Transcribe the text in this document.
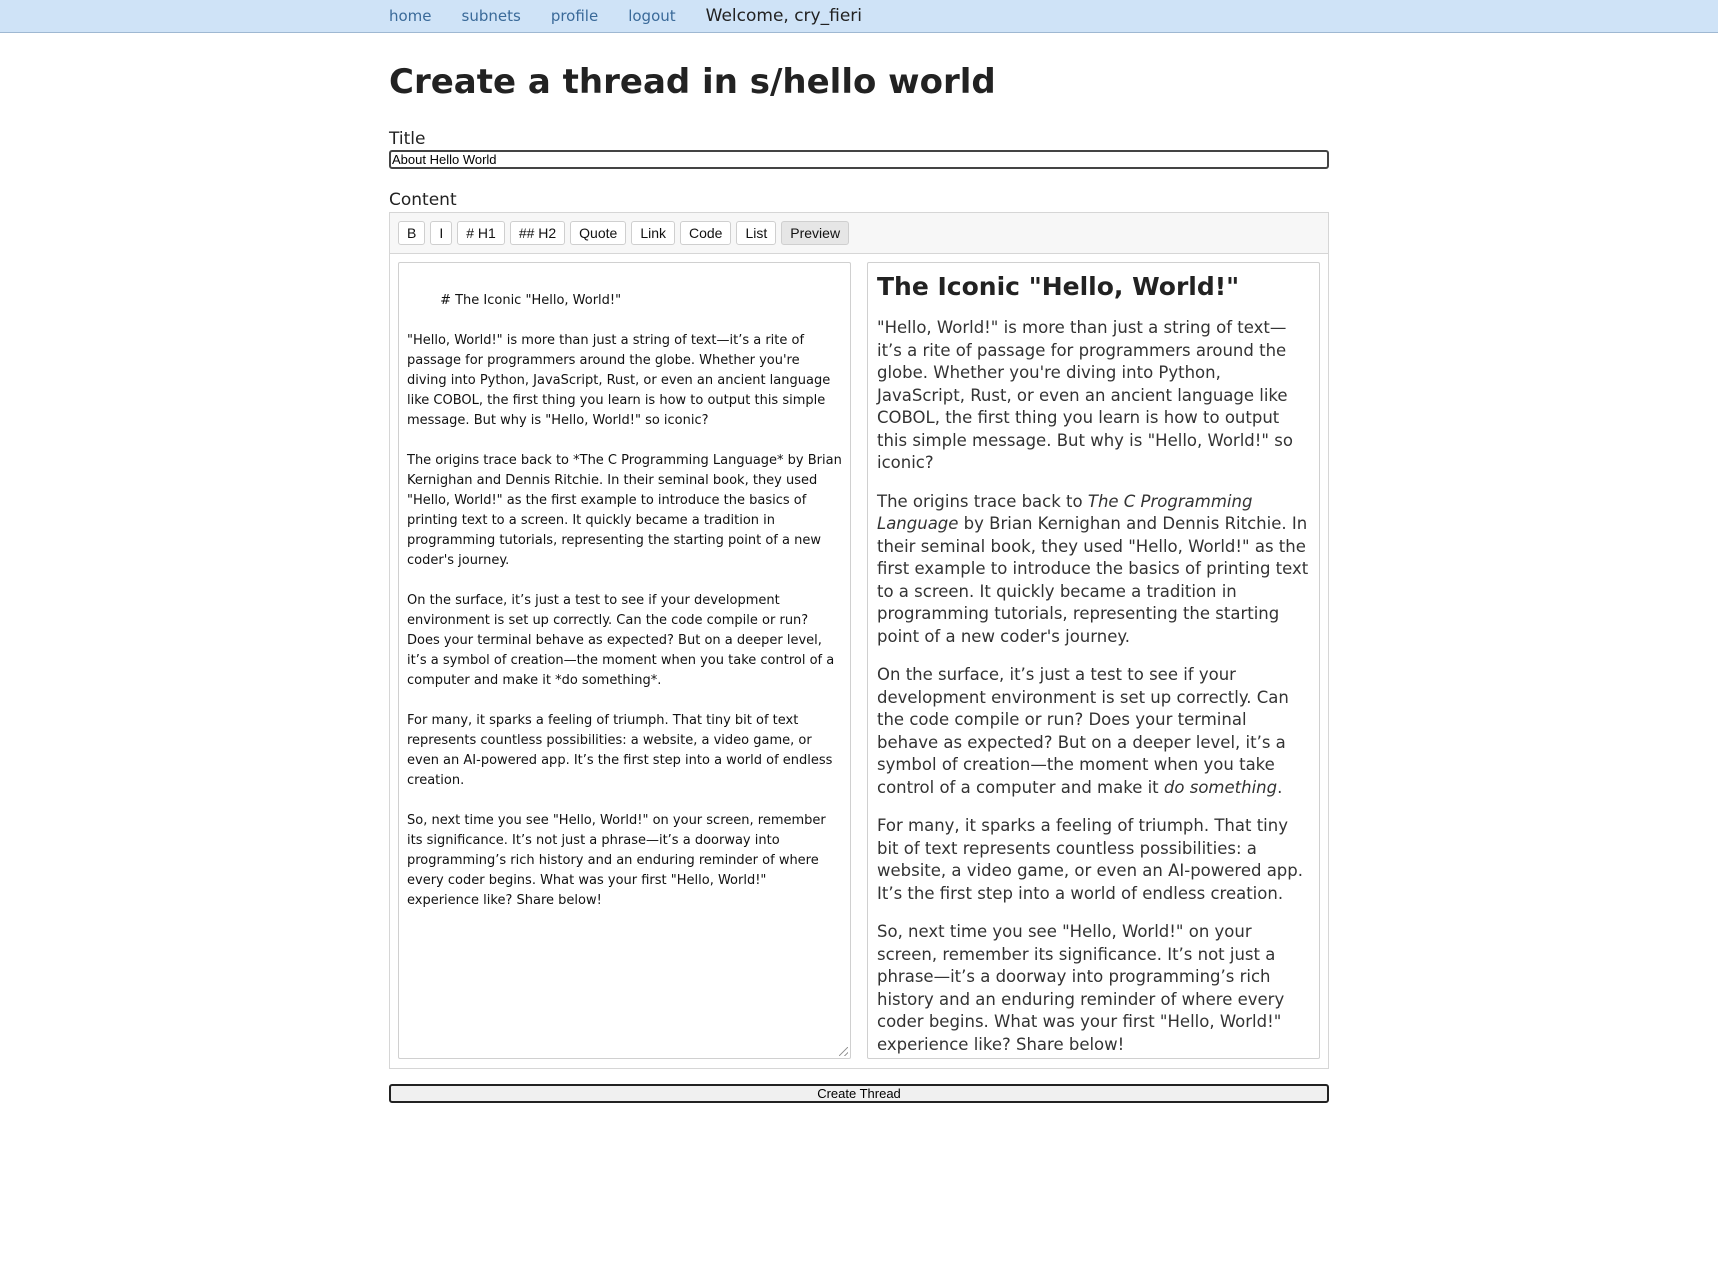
home subnets profile logout Welcome, cry_fieri
Create a thread in s/hello world
Title
About Hello World
Content
B	I	# H1	## H2	Quote	Link	Code	List	Preview

# The Iconic "Hello, World!"

"Hello, World!" is more than just a string of text—it’s a rite of passage for programmers around the globe. Whether you're diving into Python, JavaScript, Rust, or even an ancient language like COBOL, the first thing you learn is how to output this simple message. But why is "Hello, World!" so iconic?

The origins trace back to *The C Programming Language* by Brian Kernighan and Dennis Ritchie. In their seminal book, they used "Hello, World!" as the first example to introduce the basics of printing text to a screen. It quickly became a tradition in programming tutorials, representing the starting point of a new coder's journey.

On the surface, it’s just a test to see if your development environment is set up correctly. Can the code compile or run? Does your terminal behave as expected? But on a deeper level, it’s a symbol of creation—the moment when you take control of a computer and make it *do something*.

For many, it sparks a feeling of triumph. That tiny bit of text represents countless possibilities: a website, a video game, or even an AI-powered app. It’s the first step into a world of endless creation.

So, next time you see "Hello, World!" on your screen, remember its significance. It’s not just a phrase—it’s a doorway into programming’s rich history and an enduring reminder of where every coder begins. What was your first "Hello, World!" experience like? Share below!

The Iconic "Hello, World!"

"Hello, World!" is more than just a string of text—it’s a rite of passage for programmers around the globe. Whether you're diving into Python, JavaScript, Rust, or even an ancient language like COBOL, the first thing you learn is how to output this simple message. But why is "Hello, World!" so iconic?

The origins trace back to The C Programming Language by Brian Kernighan and Dennis Ritchie. In their seminal book, they used "Hello, World!" as the first example to introduce the basics of printing text to a screen. It quickly became a tradition in programming tutorials, representing the starting point of a new coder's journey.

On the surface, it’s just a test to see if your development environment is set up correctly. Can the code compile or run? Does your terminal behave as expected? But on a deeper level, it’s a symbol of creation—the moment when you take control of a computer and make it do something.

For many, it sparks a feeling of triumph. That tiny bit of text represents countless possibilities: a website, a video game, or even an AI-powered app. It’s the first step into a world of endless creation.

So, next time you see "Hello, World!" on your screen, remember its significance. It’s not just a phrase—it’s a doorway into programming’s rich history and an enduring reminder of where every coder begins. What was your first "Hello, World!" experience like? Share below!

Create Thread
